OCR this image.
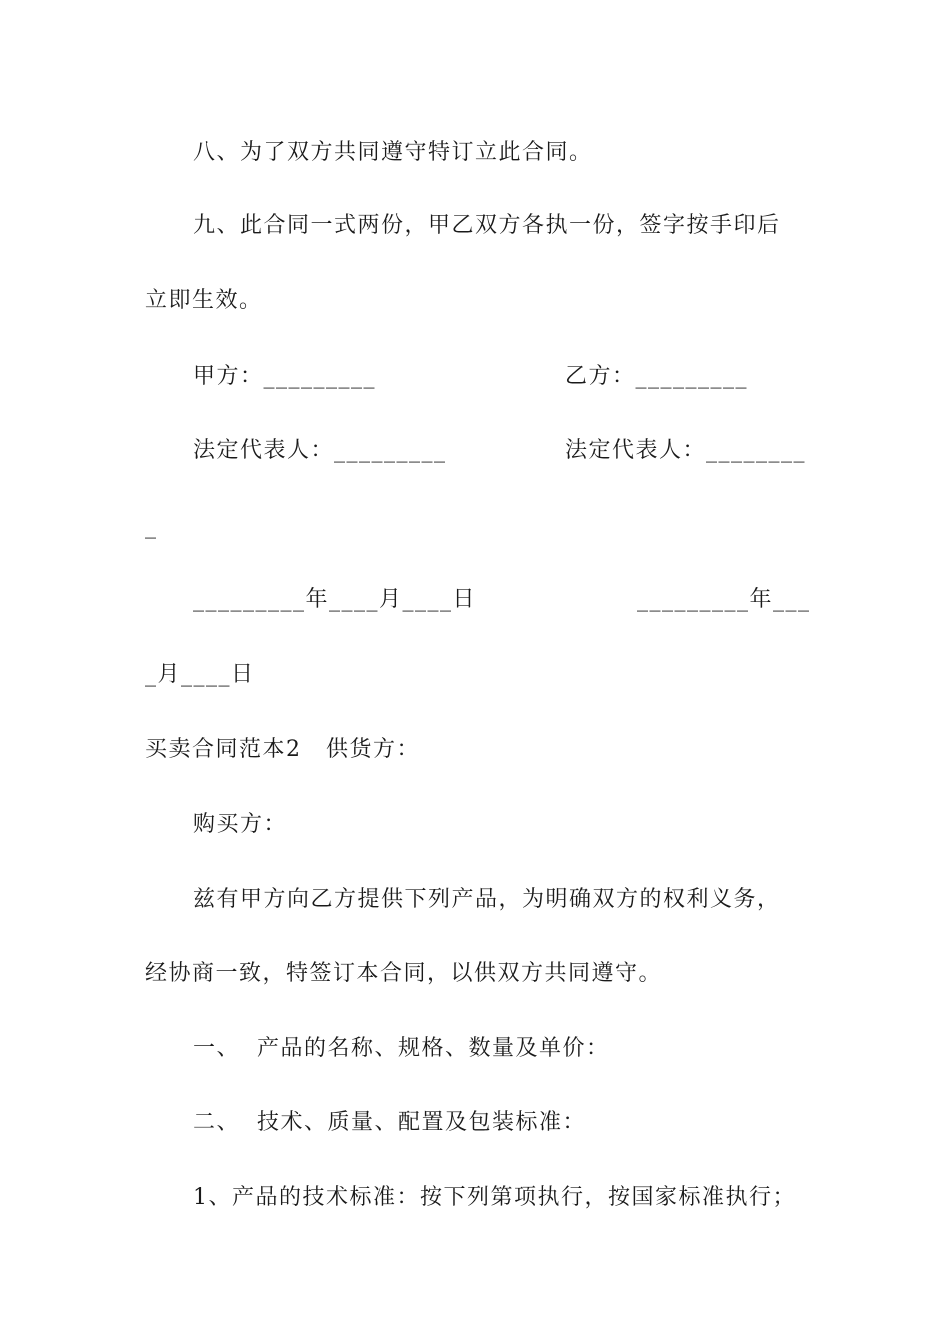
八、为了双方共同遵守特订立此合同。
九、此合同一式两份，甲乙双方各执一份，签字按手印后
立即生效。
甲方：_________	乙方：_________
法定代表人：_________	法定代表人：________
_
_________年____月____日	_________年___
_月____日
买卖合同范本2 供货方：
购买方：
兹有甲方向乙方提供下列产品，为明确双方的权利义务，
经协商一致，特签订本合同，以供双方共同遵守。
一、  产品的名称、规格、数量及单价：
二、  技术、质量、配置及包装标准：
1、产品的技术标准：按下列第项执行，按国家标准执行；
